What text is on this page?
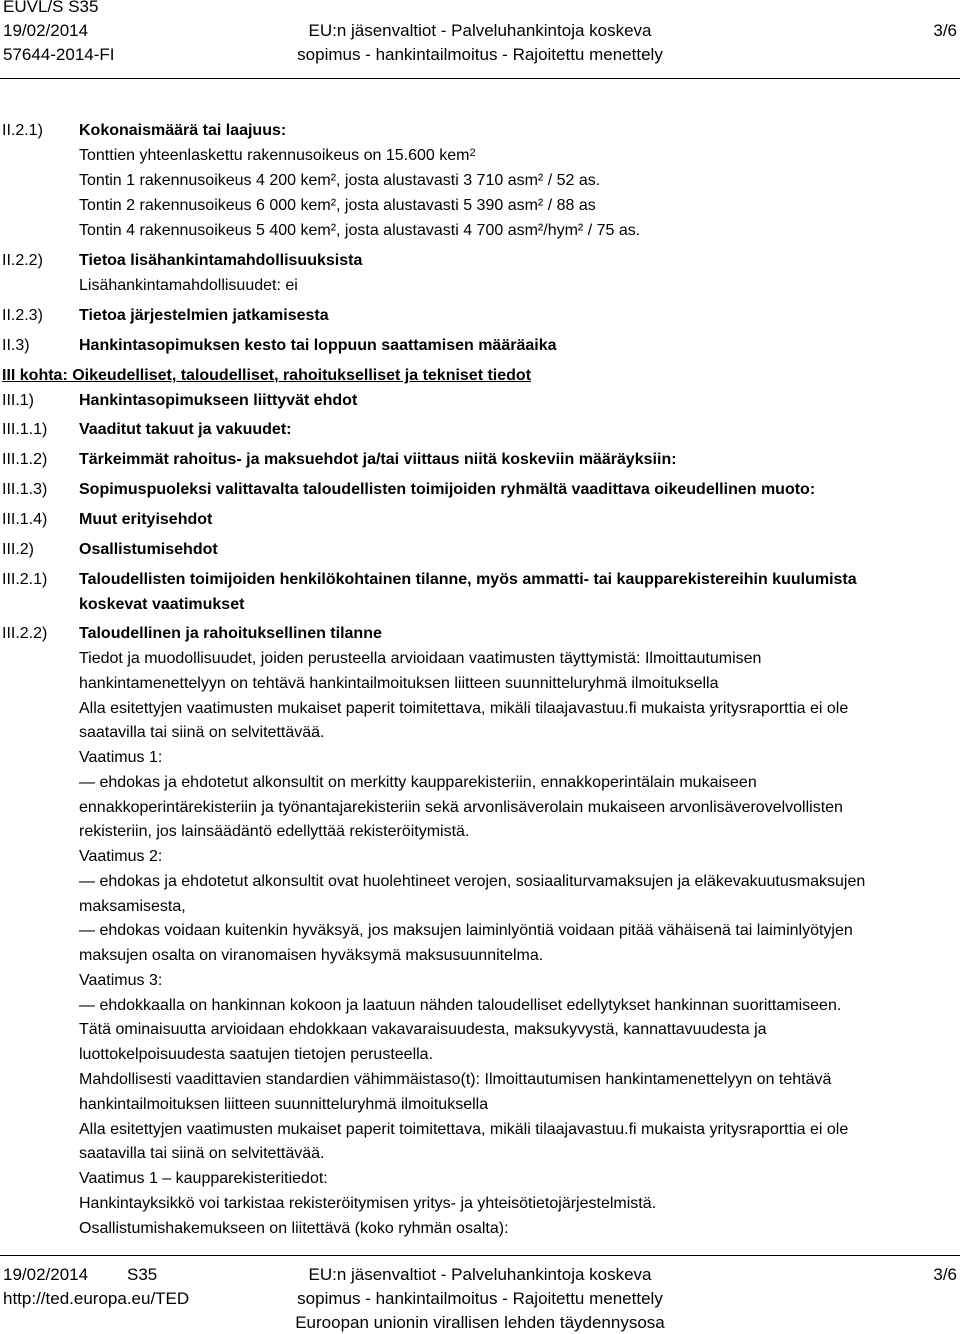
EUVL/S S35
19/02/2014
57644-2014-FI
EU:n jäsenvaltiot - Palveluhankintoja koskeva
sopimus - hankintailmoitus - Rajoitettu menettely
3/6
II.2.1) Kokonaismäärä tai laajuus:
Tonttien yhteenlaskettu rakennusoikeus on 15.600 kem$^2$
Tontin 1 rakennusoikeus 4 200 kem², josta alustavasti 3 710 asm² / 52 as.
Tontin 2 rakennusoikeus 6 000 kem², josta alustavasti 5 390 asm² / 88 as
Tontin 4 rakennusoikeus 5 400 kem², josta alustavasti 4 700 asm²/hym² / 75 as.
II.2.2) Tietoa lisähankintamahdollisuuksista
Lisähankintamahdollisuudet: ei
II.2.3) Tietoa järjestelmien jatkamisesta
II.3)	Hankintasopimuksen kesto tai loppuun saattamisen määräaika
III kohta: Oikeudelliset, taloudelliset, rahoitukselliset ja tekniset tiedot
III.1)	Hankintasopimukseen liittyvät ehdot
III.1.1) Vaaditut takuut ja vakuudet:
III.1.2) Tärkeimmät rahoitus- ja maksuehdot ja/tai viittaus niitä koskeviin määräyksiin:
III.1.3) Sopimuspuoleksi valittavalta taloudellisten toimijoiden ryhmältä vaadittava oikeudellinen muoto:
III.1.4) Muut erityisehdot
III.2)	Osallistumisehdot
III.2.1) Taloudellisten toimijoiden henkilökohtainen tilanne, myös ammatti- tai kaupparekistereihin kuulumista
koskevat vaatimukset
III.2.2) Taloudellinen ja rahoituksellinen tilanne
Tiedot ja muodollisuudet, joiden perusteella arvioidaan vaatimusten täyttymistä: Ilmoittautumisen
hankintamenettelyyn on tehtävä hankintailmoituksen liitteen suunnitteluryhmä ilmoituksella
Alla esitettyjen vaatimusten mukaiset paperit toimitettava, mikäli tilaajavastuu.fi mukaista yritysraporttia ei ole
saatavilla tai siinä on selvitettävää.
Vaatimus 1:
— ehdokas ja ehdotetut alkonsultit on merkitty kaupparekisteriin, ennakkoperintälain mukaiseen
ennakkoperintärekisteriin ja työnantajarekisteriin sekä arvonlisäverolain mukaiseen arvonlisäverovelvollisten
rekisteriin, jos lainsäädäntö edellyttää rekisteröitymistä.
Vaatimus 2:
— ehdokas ja ehdotetut alkonsultit ovat huolehtineet verojen, sosiaaliturvamaksujen ja eläkevakuutusmaksujen
maksamisesta,
— ehdokas voidaan kuitenkin hyväksyä, jos maksujen laiminlyöntiä voidaan pitää vähäisenä tai laiminlyötyjen
maksujen osalta on viranomaisen hyväksymä maksusuunnitelma.
Vaatimus 3:
— ehdokkaalla on hankinnan kokoon ja laatuun nähden taloudelliset edellytykset hankinnan suorittamiseen.
Tätä ominaisuutta arvioidaan ehdokkaan vakavaraisuudesta, maksukyvystä, kannattavuudesta ja
luottokelpoisuudesta saatujen tietojen perusteella.
Mahdollisesti vaadittavien standardien vähimmäistaso(t): Ilmoittautumisen hankintamenettelyyn on tehtävä
hankintailmoituksen liitteen suunnitteluryhmä ilmoituksella
Alla esitettyjen vaatimusten mukaiset paperit toimitettava, mikäli tilaajavastuu.fi mukaista yritysraporttia ei ole
saatavilla tai siinä on selvitettävää.
Vaatimus 1 – kaupparekisteritiedot:
Hankintayksikkö voi tarkistaa rekisteröitymisen yritys- ja yhteisötietojärjestelmistä.
Osallistumishakemukseen on liitettävä (koko ryhmän osalta):
19/02/2014 S35
http://ted.europa.eu/TED
EU:n jäsenvaltiot - Palveluhankintoja koskeva
sopimus - hankintailmoitus - Rajoitettu menettely
Euroopan unionin virallisen lehden täydennysosa
3/6
